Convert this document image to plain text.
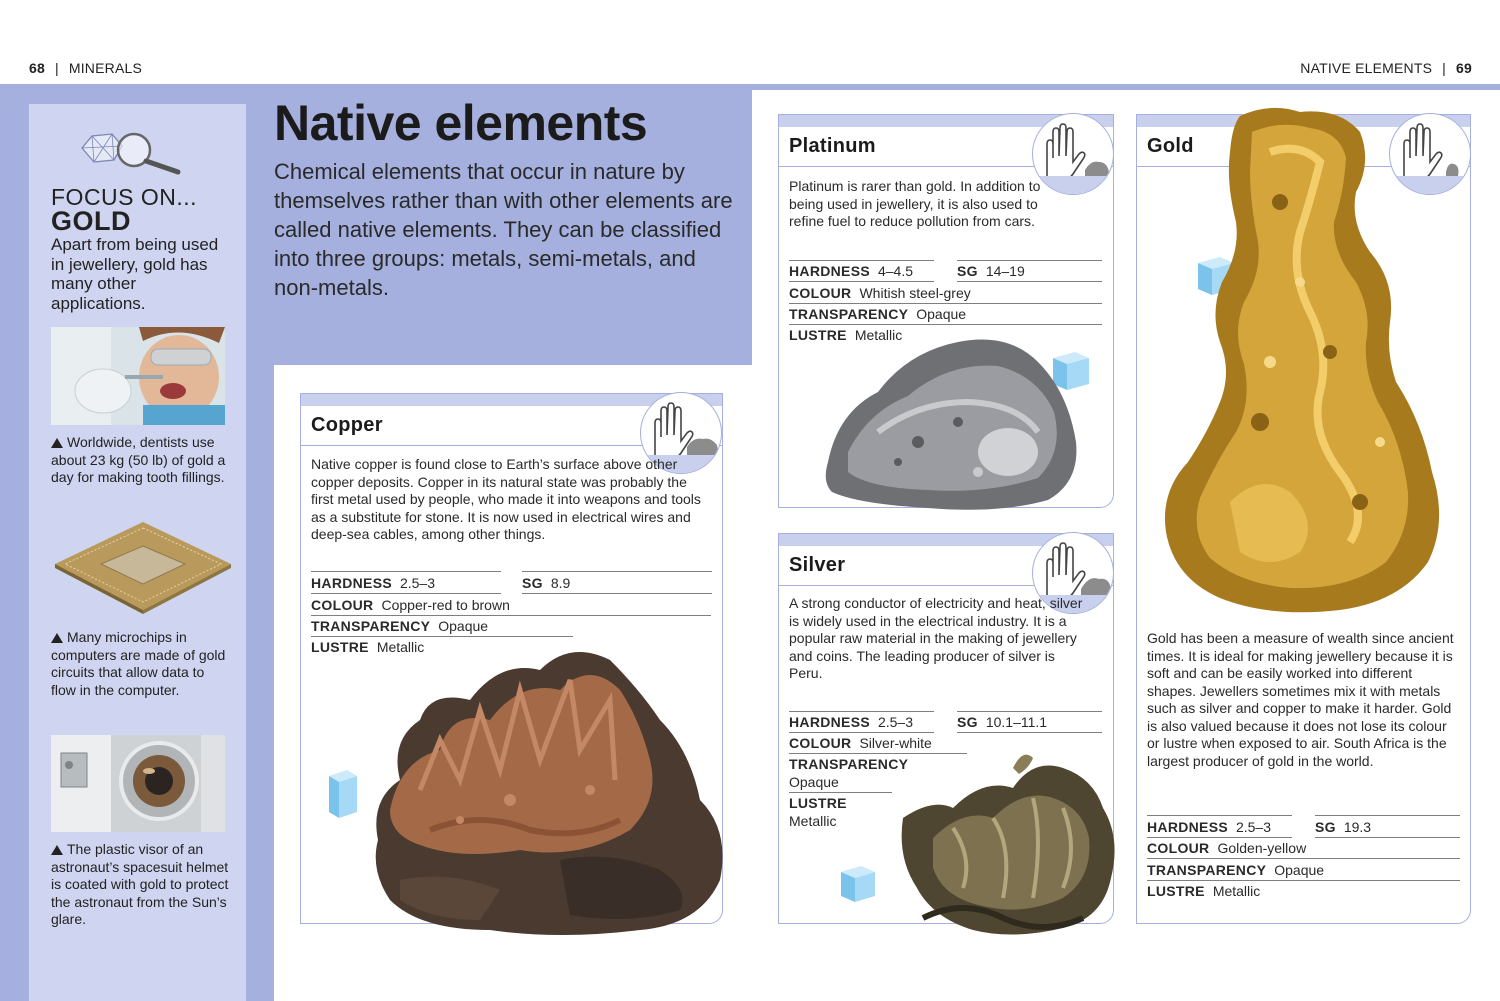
68 | MINERALS	NATIVE ELEMENTS | 69
FOCUS ON...
GOLD
Apart from being used in jewellery, gold has many other applications.
Worldwide, dentists use about 23 kg (50 lb) of gold a day for making tooth fillings.
Many microchips in computers are made of gold circuits that allow data to flow in the computer.
The plastic visor of an astronaut’s spacesuit helmet is coated with gold to protect the astronaut from the Sun’s glare.
Native elements
Chemical elements that occur in nature by themselves rather than with other elements are called native elements. They can be classified into three groups: metals, semi-metals, and non-metals.
Copper
Native copper is found close to Earth’s surface above other copper deposits. Copper in its natural state was probably the first metal used by people, who made it into weapons and tools as a substitute for stone. It is now used in electrical wires and deep-sea cables, among other things.
HARDNESS 2.5–3	SG 8.9
COLOUR Copper-red to brown
TRANSPARENCY Opaque
LUSTRE Metallic
Platinum
Platinum is rarer than gold. In addition to being used in jewellery, it is also used to refine fuel to reduce pollution from cars.
HARDNESS 4–4.5	SG 14–19
COLOUR Whitish steel-grey
TRANSPARENCY Opaque
LUSTRE Metallic
Silver
A strong conductor of electricity and heat, silver is widely used in the electrical industry. It is a popular raw material in the making of jewellery and coins. The leading producer of silver is Peru.
HARDNESS 2.5–3	SG 10.1–11.1
COLOUR Silver-white
TRANSPARENCY
Opaque
LUSTRE
Metallic
Gold
Gold has been a measure of wealth since ancient times. It is ideal for making jewellery because it is soft and can be easily worked into different shapes. Jewellers sometimes mix it with metals such as silver and copper to make it harder. Gold is also valued because it does not lose its colour or lustre when exposed to air. South Africa is the largest producer of gold in the world.
HARDNESS 2.5–3	SG 19.3
COLOUR Golden-yellow
TRANSPARENCY Opaque
LUSTRE Metallic
